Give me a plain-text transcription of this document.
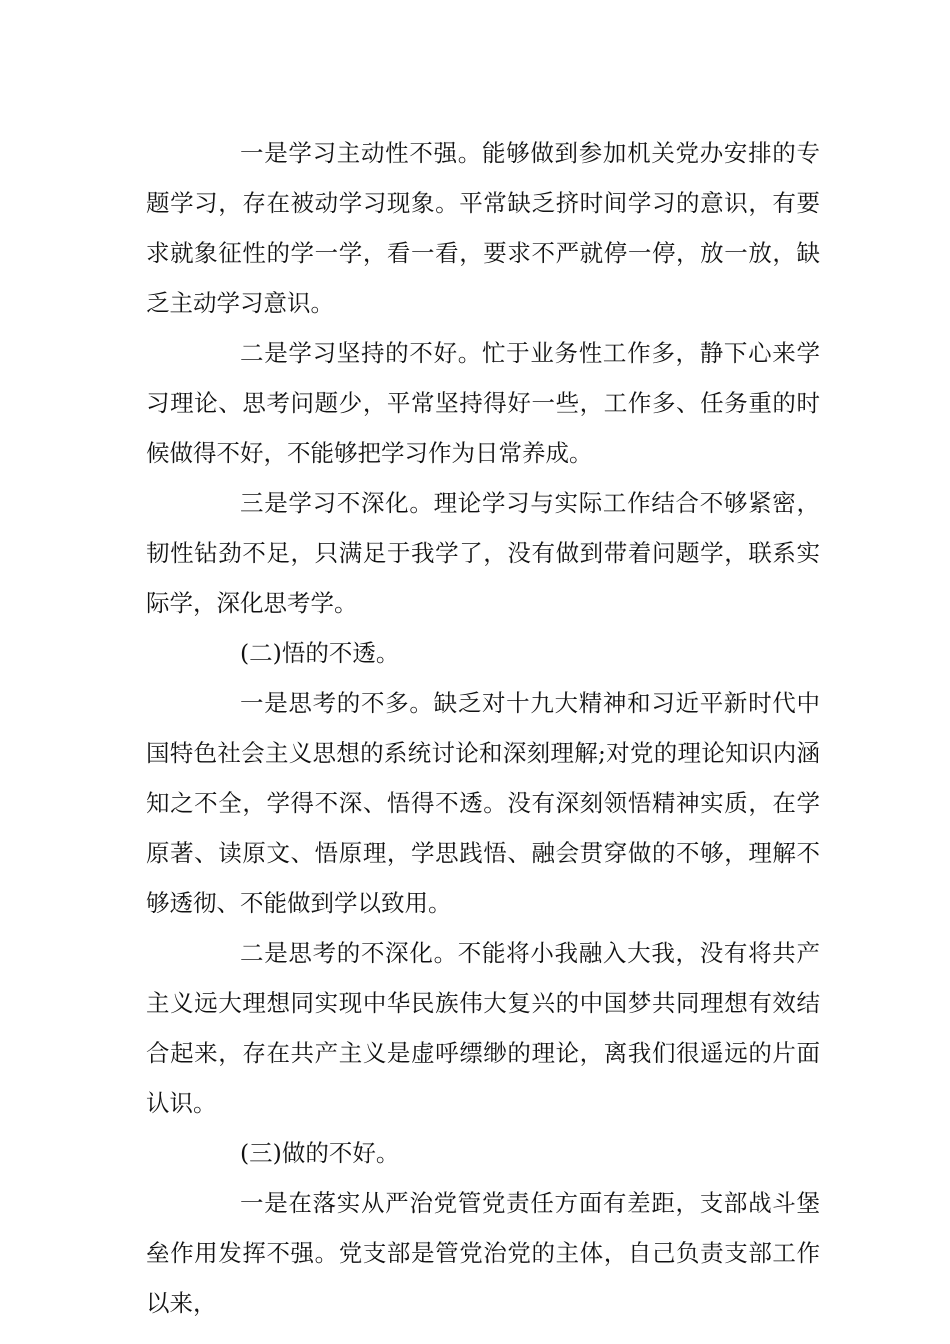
一是学习主动性不强。能够做到参加机关党办安排的专题学习，存在被动学习现象。平常缺乏挤时间学习的意识，有要求就象征性的学一学，看一看，要求不严就停一停，放一放，缺乏主动学习意识。

二是学习坚持的不好。忙于业务性工作多，静下心来学习理论、思考问题少，平常坚持得好一些，工作多、任务重的时候做得不好，不能够把学习作为日常养成。

三是学习不深化。理论学习与实际工作结合不够紧密，韧性钻劲不足，只满足于我学了，没有做到带着问题学，联系实际学，深化思考学。

(二)悟的不透。

一是思考的不多。缺乏对十九大精神和习近平新时代中国特色社会主义思想的系统讨论和深刻理解;对党的理论知识内涵知之不全，学得不深、悟得不透。没有深刻领悟精神实质，在学原著、读原文、悟原理，学思践悟、融会贯穿做的不够，理解不够透彻、不能做到学以致用。

二是思考的不深化。不能将小我融入大我，没有将共产主义远大理想同实现中华民族伟大复兴的中国梦共同理想有效结合起来，存在共产主义是虚呼缥缈的理论，离我们很遥远的片面认识。

(三)做的不好。

一是在落实从严治党管党责任方面有差距，支部战斗堡垒作用发挥不强。党支部是管党治党的主体，自己负责支部工作以来，
